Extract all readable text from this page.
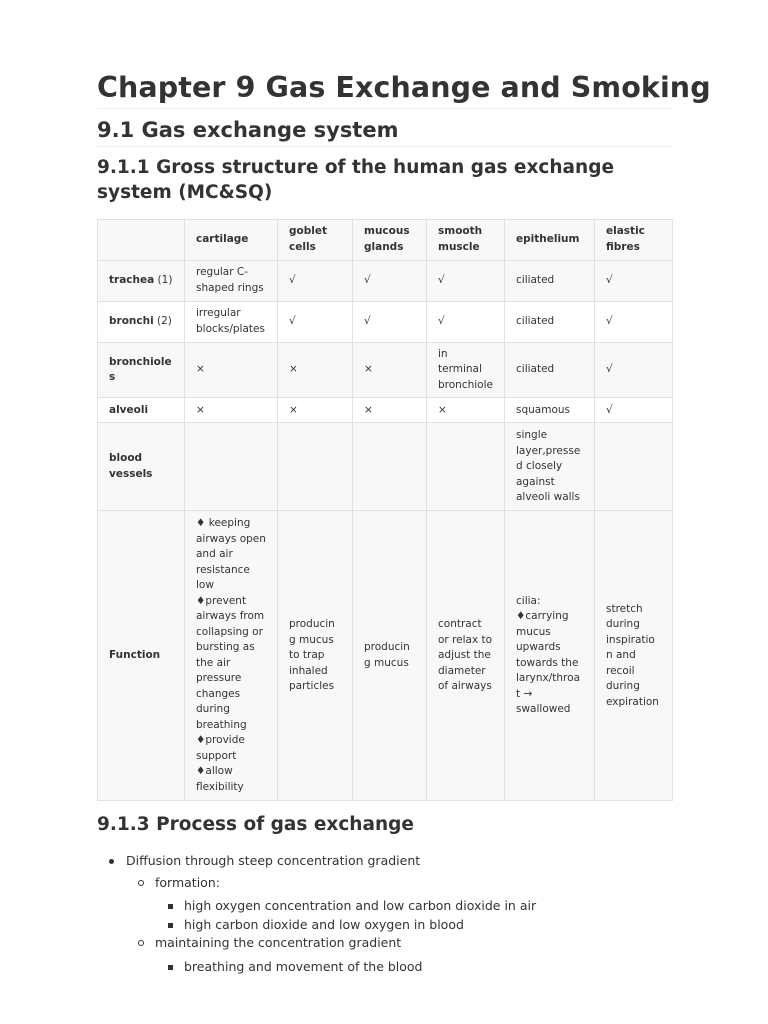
Chapter 9 Gas Exchange and Smoking
9.1 Gas exchange system
9.1.1 Gross structure of the human gas exchange system (MC&SQ)
	cartilage	goblet cells	mucous glands	smooth muscle	epithelium	elastic fibres
trachea (1)	regular C-shaped rings	√	√	√	ciliated	√
bronchi (2)	irregular blocks/plates	√	√	√	ciliated	√
bronchioles	×	×	×	in terminal bronchiole	ciliated	√
alveoli	×	×	×	×	squamous	√
blood vessels					single layer,pressed closely against alveoli walls	
Function	♦ keeping airways open and air resistance low ♦prevent airways from collapsing or bursting as the air pressure changes during breathing ♦provide support ♦allow flexibility	producing mucus to trap inhaled particles	producing mucus	contract or relax to adjust the diameter of airways	cilia: ♦carrying mucus upwards towards the larynx/throat → swallowed	stretch during inspiration and recoil during expiration
9.1.3 Process of gas exchange
Diffusion through steep concentration gradient
formation:
high oxygen concentration and low carbon dioxide in air
high carbon dioxide and low oxygen in blood
maintaining the concentration gradient
breathing and movement of the blood
